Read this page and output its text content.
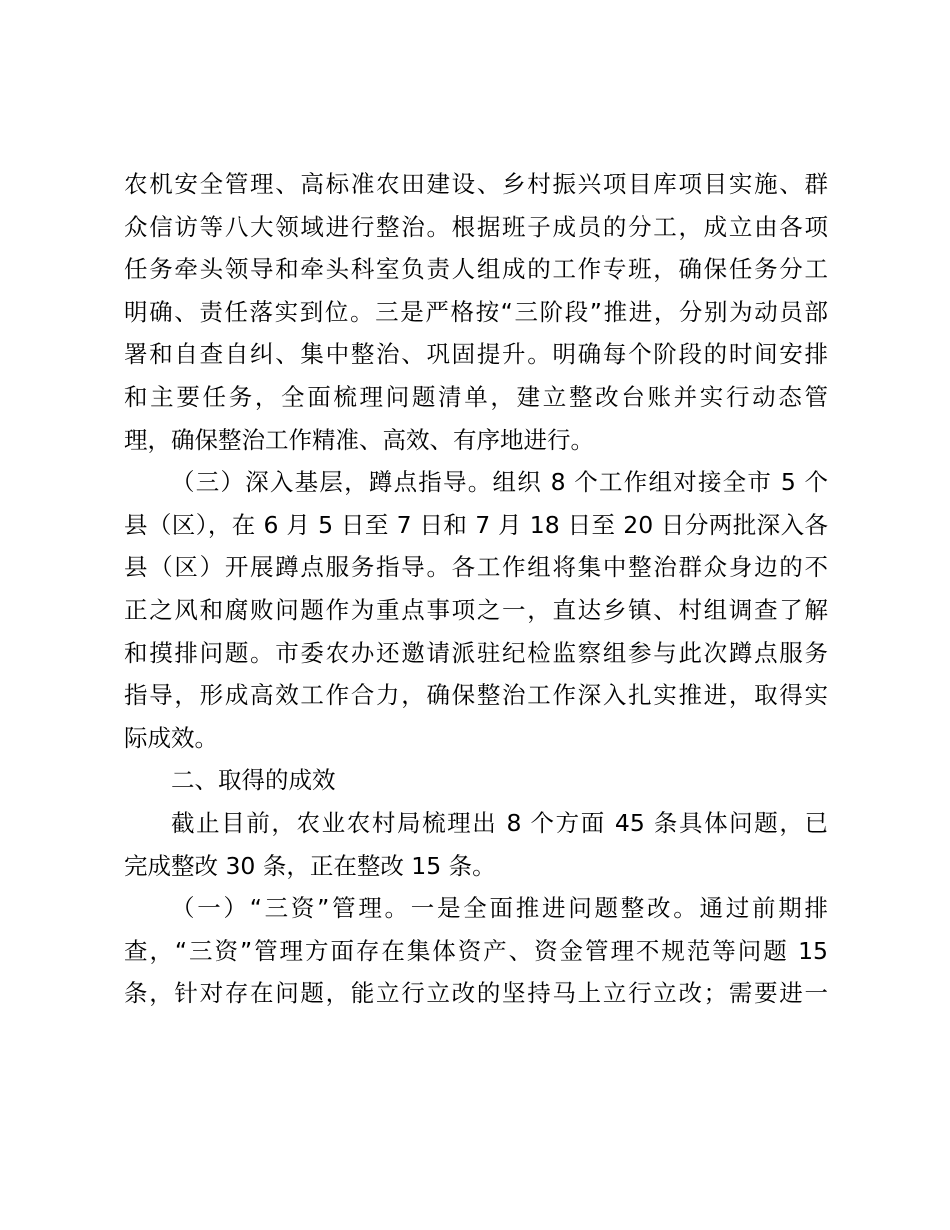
农机安全管理、高标准农田建设、乡村振兴项目库项目实施、群
众信访等八大领域进行整治。根据班子成员的分工，成立由各项
任务牵头领导和牵头科室负责人组成的工作专班，确保任务分工
明确、责任落实到位。三是严格按“三阶段”推进，分别为动员部
署和自查自纠、集中整治、巩固提升。明确每个阶段的时间安排
和主要任务，全面梳理问题清单，建立整改台账并实行动态管
理，确保整治工作精准、高效、有序地进行。
（三）深入基层，蹲点指导。组织 8 个工作组对接全市 5 个
县（区），在 6 月 5 日至 7 日和 7 月 18 日至 20 日分两批深入各
县（区）开展蹲点服务指导。各工作组将集中整治群众身边的不
正之风和腐败问题作为重点事项之一，直达乡镇、村组调查了解
和摸排问题。市委农办还邀请派驻纪检监察组参与此次蹲点服务
指导，形成高效工作合力，确保整治工作深入扎实推进，取得实
际成效。
二、取得的成效
截止目前，农业农村局梳理出 8 个方面 45 条具体问题，已
完成整改 30 条，正在整改 15 条。
（一）“三资”管理。一是全面推进问题整改。通过前期排
查，“三资”管理方面存在集体资产、资金管理不规范等问题 15
条，针对存在问题，能立行立改的坚持马上立行立改；需要进一
